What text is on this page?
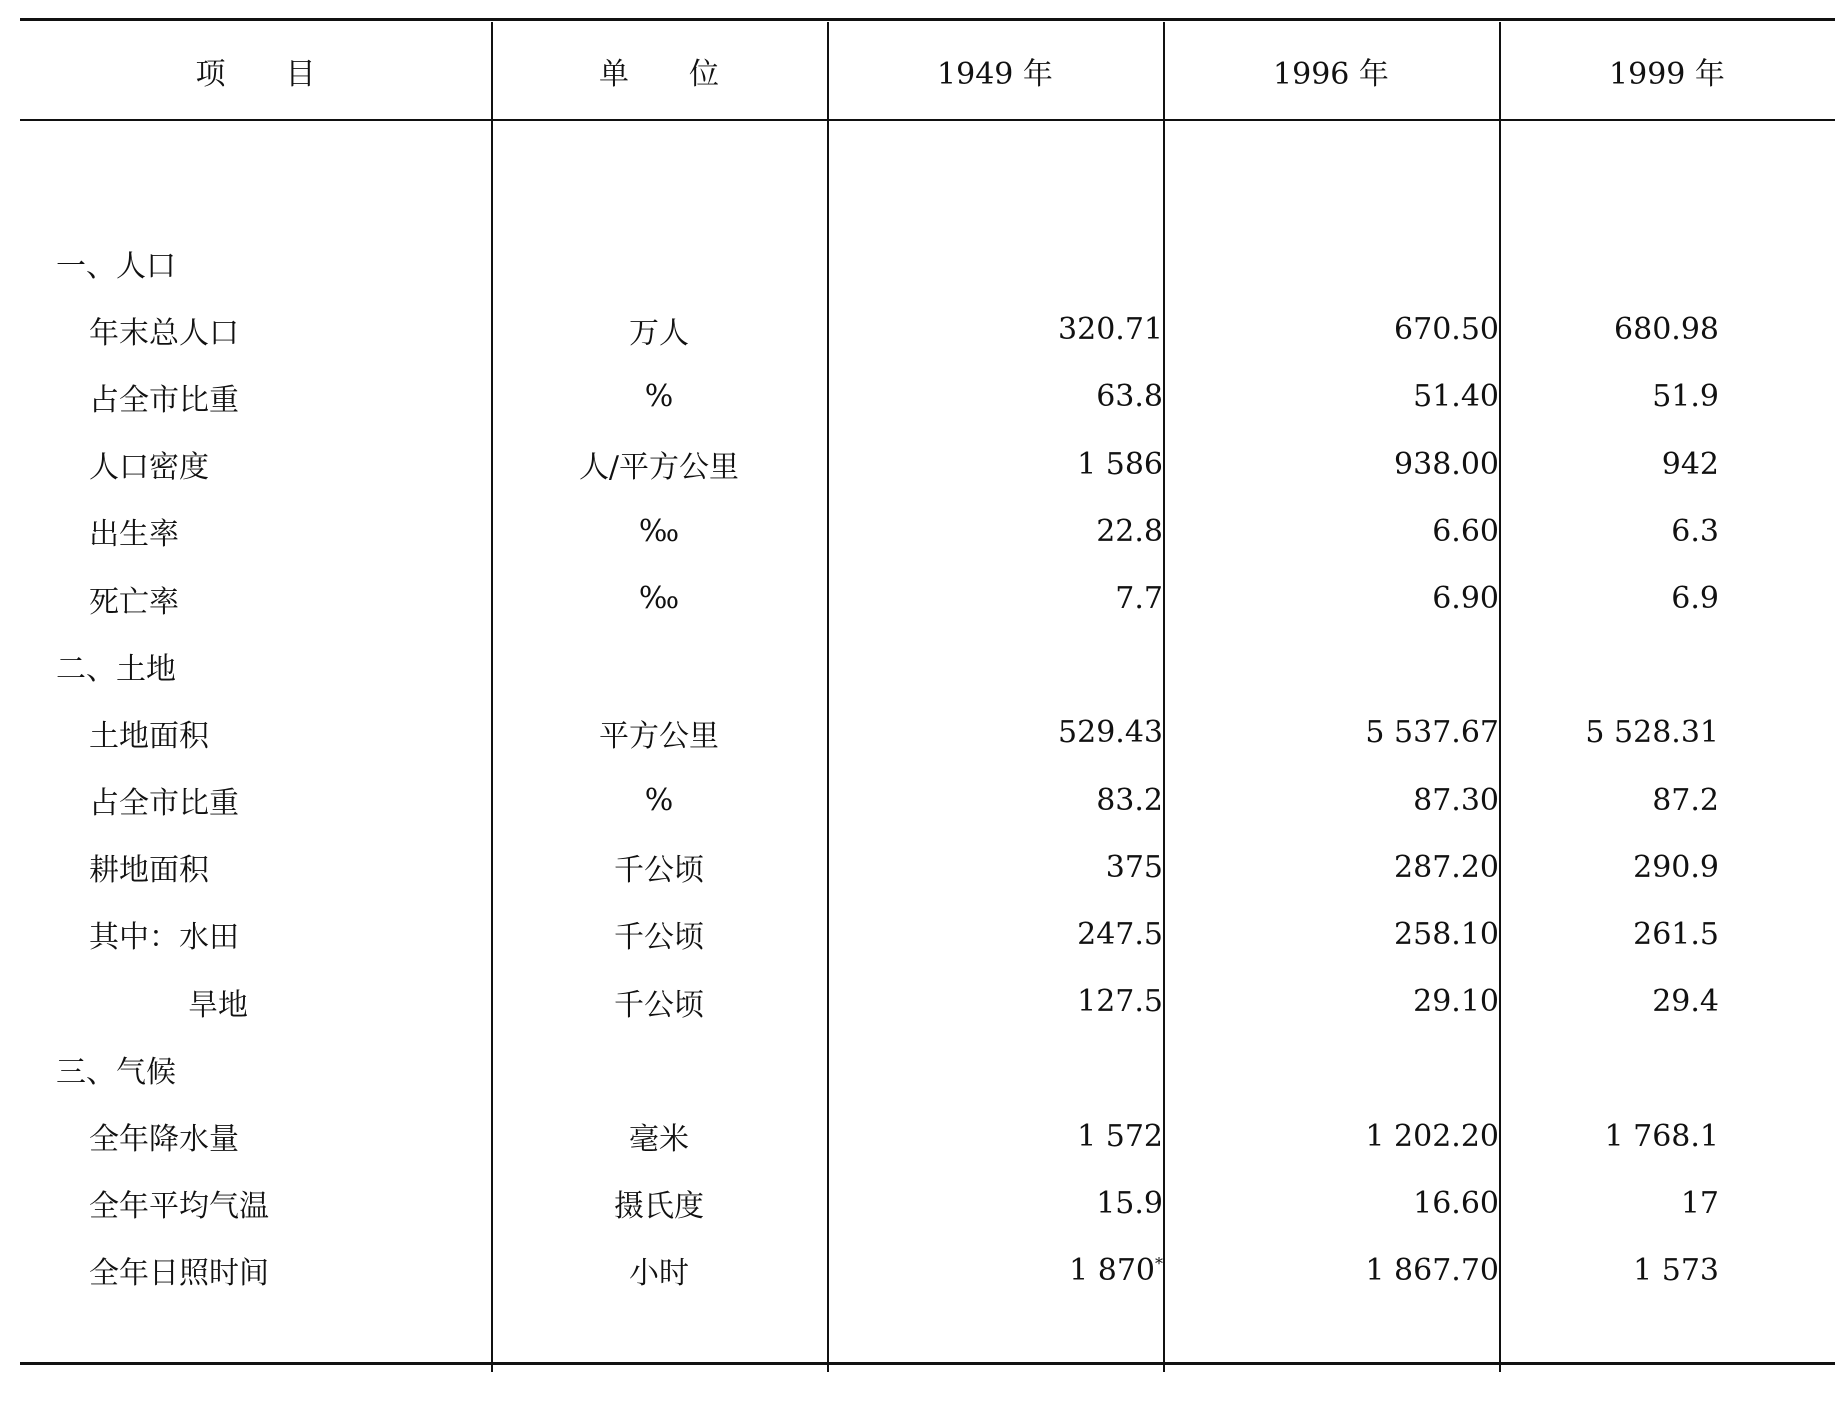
项　　目	单　　位	1949 年	1996 年	1999 年

一、人口				
年末总人口	万人	320.71	670.50	680.98
占全市比重	%	63.8	51.40	51.9
人口密度	人/平方公里	1 586	938.00	942
出生率	‰	22.8	6.60	6.3
死亡率	‰	7.7	6.90	6.9
二、土地				
土地面积	平方公里	529.43	5 537.67	5 528.31
占全市比重	%	83.2	87.30	87.2
耕地面积	千公顷	375	287.20	290.9
其中：水田	千公顷	247.5	258.10	261.5
旱地	千公顷	127.5	29.10	29.4
三、气候				
全年降水量	毫米	1 572	1 202.20	1 768.1
全年平均气温	摄氏度	15.9	16.60	17
全年日照时间	小时	1 870*	1 867.70	1 573
